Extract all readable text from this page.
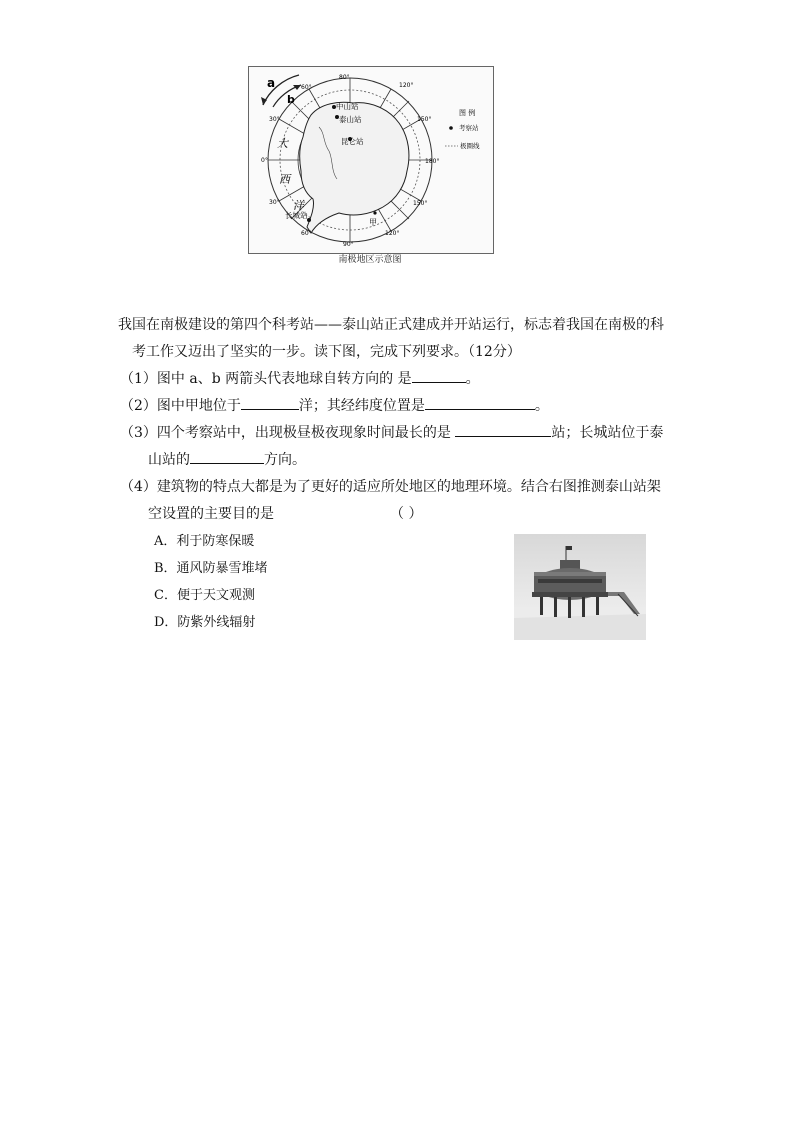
a
b
80°
60°	120°
30°
0°
30°
150°
180°
150°
90°
60°	120°
大
西
洋
中山站
泰山站
昆仑站
长城站
甲
图 例
考察站
极圈线
南极地区示意图

我国在南极建设的第四个科考站——泰山站正式建成并开站运行，标志着我国在南极的科

考工作又迈出了坚实的一步。读下图，完成下列要求。（12分）

（1）图中 a、b 两箭头代表地球自转方向的 是	。

（2）图中甲地位于	洋；其经纬度位置是	。

（3）四个考察站中，出现极昼极夜现象时间最长的是	站；长城站位于泰

山站的	方向。

（4）建筑物的特点大都是为了更好的适应所处地区的地理环境。结合右图推测泰山站架

空设置的主要目的是	（ ）

A．利于防寒保暖

B．通风防暴雪堆堵

C．便于天文观测

D．防紫外线辐射
